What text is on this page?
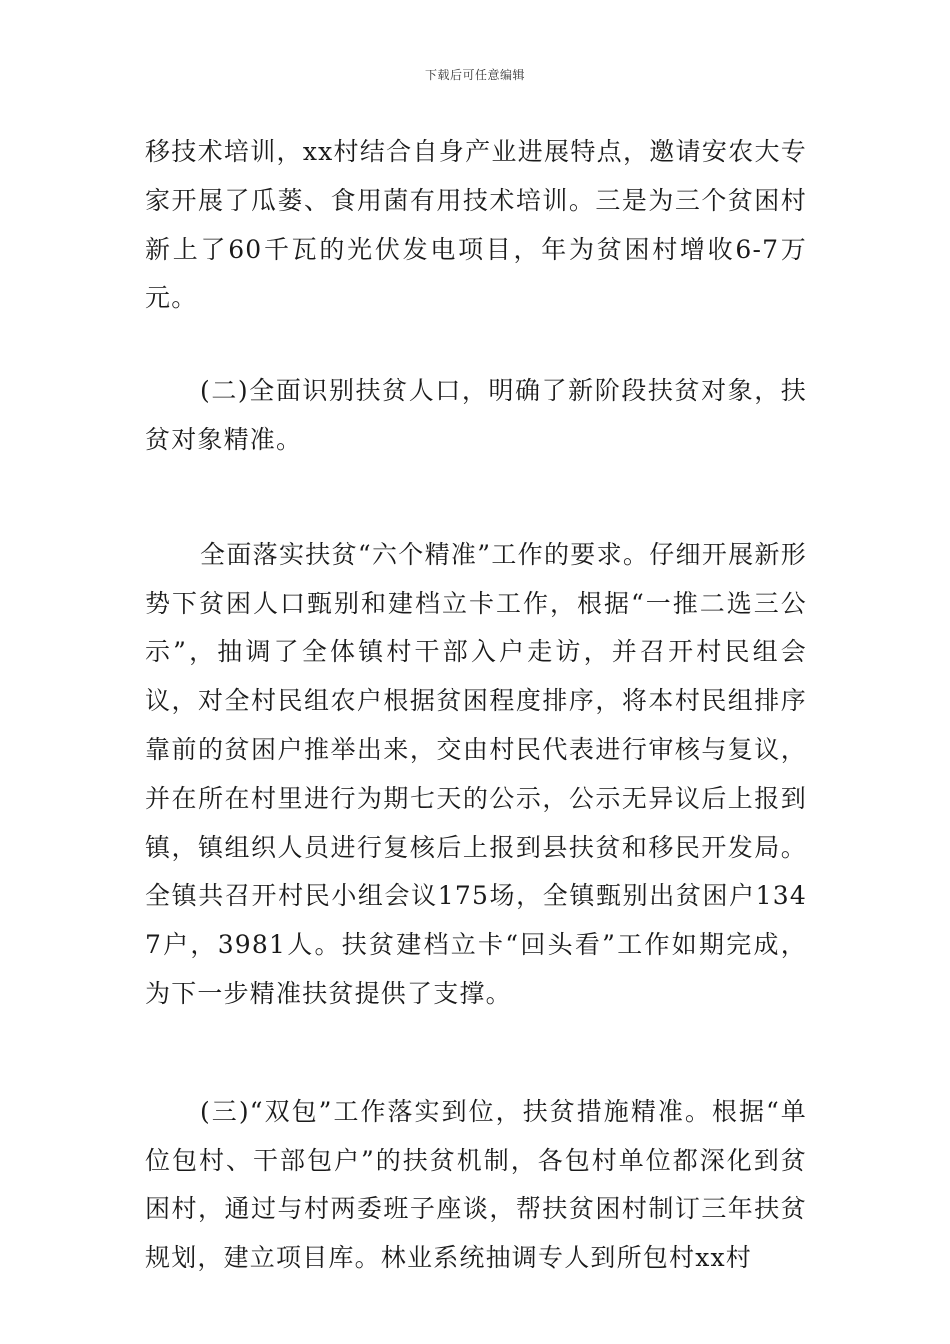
下载后可任意编辑

移技术培训，xx村结合自身产业进展特点，邀请安农大专家开展了瓜蒌、食用菌有用技术培训。三是为三个贫困村新上了60千瓦的光伏发电项目，年为贫困村增收6-7万元。

(二)全面识别扶贫人口，明确了新阶段扶贫对象，扶贫对象精准。

全面落实扶贫“六个精准”工作的要求。仔细开展新形势下贫困人口甄别和建档立卡工作，根据“一推二选三公示”，抽调了全体镇村干部入户走访，并召开村民组会议，对全村民组农户根据贫困程度排序，将本村民组排序靠前的贫困户推举出来，交由村民代表进行审核与复议，并在所在村里进行为期七天的公示，公示无异议后上报到镇，镇组织人员进行复核后上报到县扶贫和移民开发局。全镇共召开村民小组会议175场，全镇甄别出贫困户1347户，3981人。扶贫建档立卡“回头看”工作如期完成，为下一步精准扶贫提供了支撑。

(三)“双包”工作落实到位，扶贫措施精准。根据“单位包村、干部包户”的扶贫机制，各包村单位都深化到贫困村，通过与村两委班子座谈，帮扶贫困村制订三年扶贫规划，建立项目库。林业系统抽调专人到所包村xx村
